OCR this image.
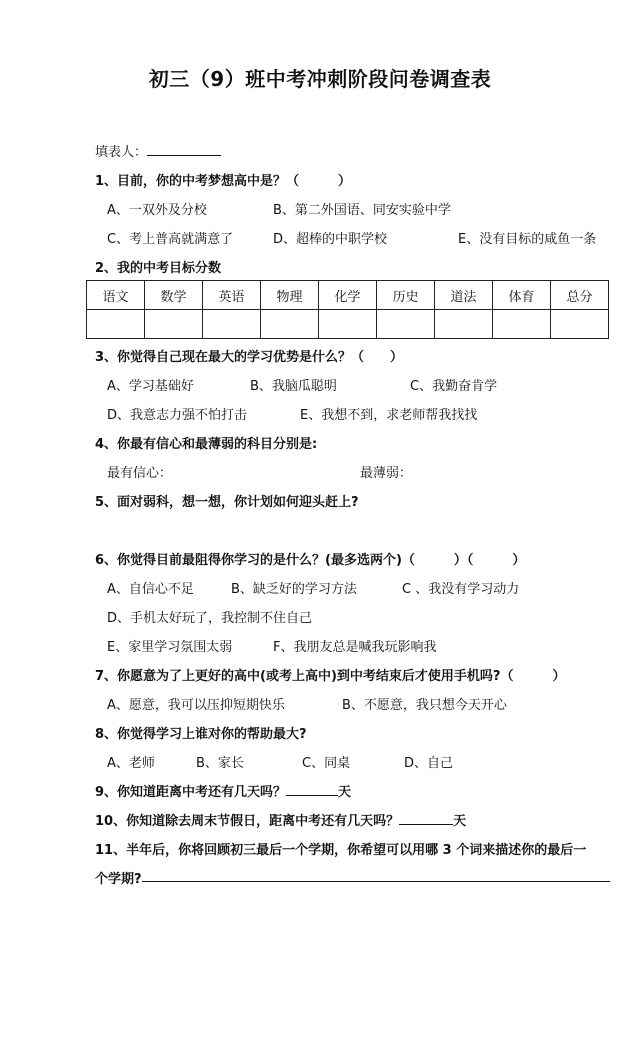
初三（9）班中考冲刺阶段问卷调查表
填表人：
1、目前，你的中考梦想高中是？（　　　）
A、一双外及分校	B、第二外国语、同安实验中学
C、考上普高就满意了	D、超棒的中职学校	E、没有目标的咸鱼一条
2、我的中考目标分数
语文	数学	英语	物理	化学	历史	道法	体育	总分

3、你觉得自己现在最大的学习优势是什么？（　　）
A、学习基础好	B、我脑瓜聪明	C、我勤奋肯学
D、我意志力强不怕打击	E、我想不到，求老师帮我找找
4、你最有信心和最薄弱的科目分别是:
最有信心：	最薄弱：
5、面对弱科，想一想，你计划如何迎头赶上?
6、你觉得目前最阻得你学习的是什么？(最多选两个)（　　　）（　　　）
A、自信心不足	B、缺乏好的学习方法	C 、我没有学习动力
D、手机太好玩了，我控制不住自己
E、家里学习氛围太弱	F、我朋友总是喊我玩影响我
7、你愿意为了上更好的高中(或考上高中)到中考结束后才使用手机吗?（　　　）
A、愿意，我可以压抑短期快乐	B、不愿意，我只想今天开心
8、你觉得学习上谁对你的帮助最大?
A、老师	B、家长	C、同桌	D、自己
9、你知道距离中考还有几天吗？	天
10、你知道除去周末节假日，距离中考还有几天吗？	天
11、半年后，你将回顾初三最后一个学期，你希望可以用哪 3 个词来描述你的最后一
个学期?
